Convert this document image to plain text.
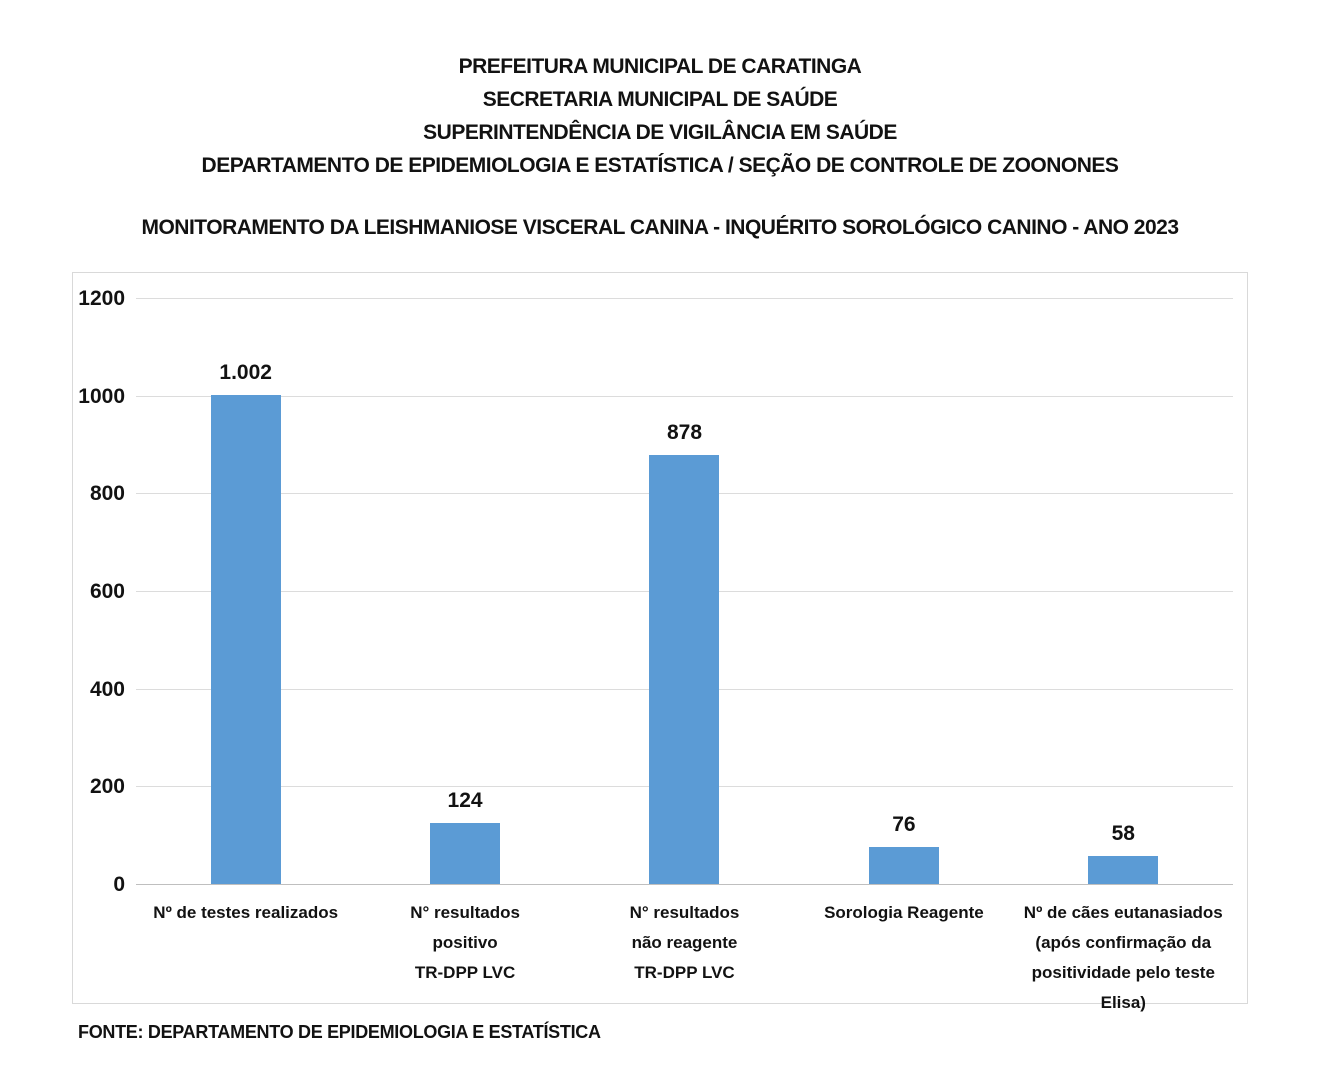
PREFEITURA MUNICIPAL DE CARATINGA
SECRETARIA MUNICIPAL DE SAÚDE
SUPERINTENDÊNCIA DE VIGILÂNCIA EM SAÚDE
DEPARTAMENTO DE EPIDEMIOLOGIA E ESTATÍSTICA / SEÇÃO DE CONTROLE DE ZOONONES
MONITORAMENTO DA LEISHMANIOSE VISCERAL CANINA - INQUÉRITO SOROLÓGICO CANINO - ANO 2023
1.002
124
878
76	58
Nº de testes realizados	N° resultados
positivo
TR-DPP LVC
N° resultados
não reagente
TR-DPP LVC
Sorologia Reagente	Nº de cães eutanasiados
(após confirmação da
positividade pelo teste
Elisa)
0
200
400
600
800
1000
1200
FONTE: DEPARTAMENTO DE EPIDEMIOLOGIA E ESTATÍSTICA
